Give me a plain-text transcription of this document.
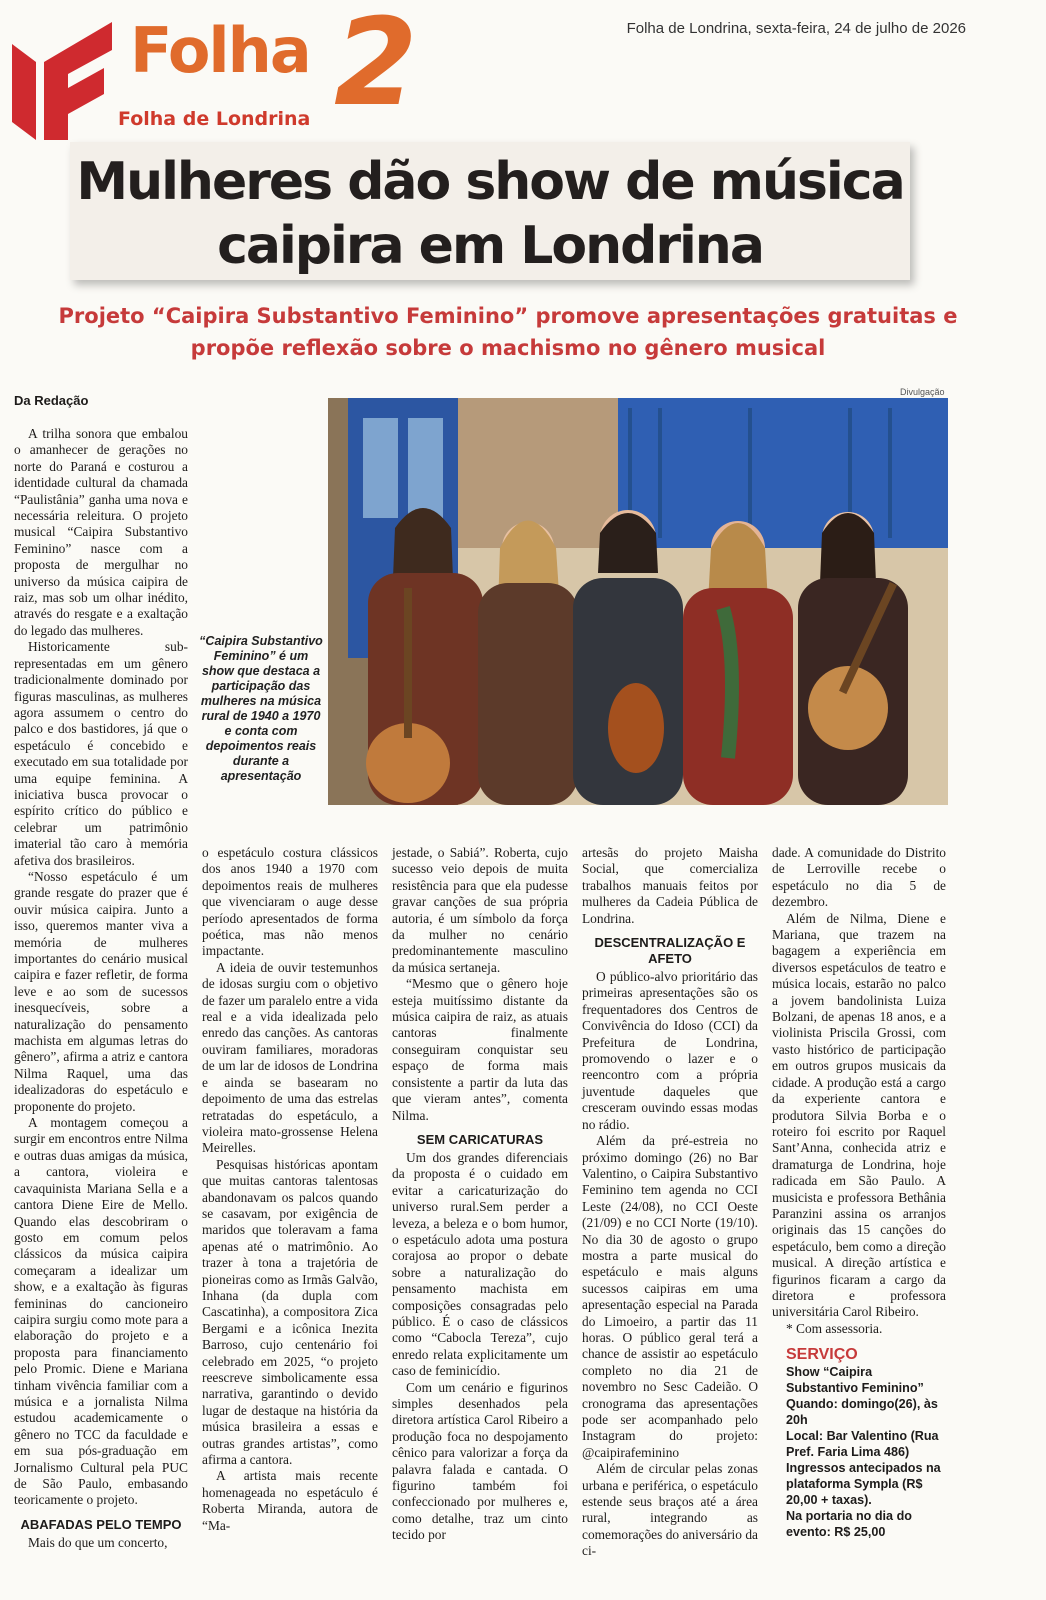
Folha 2
Folha de Londrina
Folha de Londrina, sexta-feira, 24 de julho de 2026
Mulheres dão show de música
caipira em Londrina
Projeto “Caipira Substantivo Feminino” promove apresentações gratuitas e
propõe reflexão sobre o machismo no gênero musical
Da Redação
Divulgação
“Caipira Substantivo Feminino” é um show que destaca a participação das mulheres na música rural de 1940 a 1970 e conta com depoimentos reais durante a apresentação

A trilha sonora que embalou o amanhecer de gerações no norte do Paraná e costurou a identidade cultural da chamada “Paulistânia” ganha uma nova e necessária releitura. O projeto musical “Caipira Substantivo Feminino” nasce com a proposta de mergulhar no universo da música caipira de raiz, mas sob um olhar inédito, através do resgate e a exaltação do legado das mulheres.

Historicamente sub-representadas em um gênero tradicionalmente dominado por figuras masculinas, as mulheres agora assumem o centro do palco e dos bastidores, já que o espetáculo é concebido e executado em sua totalidade por uma equipe feminina. A iniciativa busca provocar o espírito crítico do público e celebrar um patrimônio imaterial tão caro à memória afetiva dos brasileiros.

“Nosso espetáculo é um grande resgate do prazer que é ouvir música caipira. Junto a isso, queremos manter viva a memória de mulheres importantes do cenário musical caipira e fazer refletir, de forma leve e ao som de sucessos inesquecíveis, sobre a naturalização do pensamento machista em algumas letras do gênero”, afirma a atriz e cantora Nilma Raquel, uma das idealizadoras do espetáculo e proponente do projeto.

A montagem começou a surgir em encontros entre Nilma e outras duas amigas da música, a cantora, violeira e cavaquinista Mariana Sella e a cantora Diene Eire de Mello. Quando elas descobriram o gosto em comum pelos clássicos da música caipira começaram a idealizar um show, e a exaltação às figuras femininas do cancioneiro caipira surgiu como mote para a elaboração do projeto e a proposta para financiamento pelo Promic. Diene e Mariana tinham vivência familiar com a música e a jornalista Nilma estudou academicamente o gênero no TCC da faculdade e em sua pós-graduação em Jornalismo Cultural pela PUC de São Paulo, embasando teoricamente o projeto.

ABAFADAS PELO TEMPO

Mais do que um concerto,

o espetáculo costura clássicos dos anos 1940 a 1970 com depoimentos reais de mulheres que vivenciaram o auge desse período apresentados de forma poética, mas não menos impactante.

A ideia de ouvir testemunhos de idosas surgiu com o objetivo de fazer um paralelo entre a vida real e a vida idealizada pelo enredo das canções. As cantoras ouviram familiares, moradoras de um lar de idosos de Londrina e ainda se basearam no depoimento de uma das estrelas retratadas do espetáculo, a violeira mato-grossense Helena Meirelles.

Pesquisas históricas apontam que muitas cantoras talentosas abandonavam os palcos quando se casavam, por exigência de maridos que toleravam a fama apenas até o matrimônio. Ao trazer à tona a trajetória de pioneiras como as Irmãs Galvão, Inhana (da dupla com Cascatinha), a compositora Zica Bergami e a icônica Inezita Barroso, cujo centenário foi celebrado em 2025, “o projeto reescreve simbolicamente essa narrativa, garantindo o devido lugar de destaque na história da música brasileira a essas e outras grandes artistas”, como afirma a cantora.

A artista mais recente homenageada no espetáculo é Roberta Miranda, autora de “Ma-

jestade, o Sabiá”. Roberta, cujo sucesso veio depois de muita resistência para que ela pudesse gravar canções de sua própria autoria, é um símbolo da força da mulher no cenário predominantemente masculino da música sertaneja.

“Mesmo que o gênero hoje esteja muitíssimo distante da música caipira de raiz, as atuais cantoras finalmente conseguiram conquistar seu espaço de forma mais consistente a partir da luta das que vieram antes”, comenta Nilma.

SEM CARICATURAS

Um dos grandes diferenciais da proposta é o cuidado em evitar a caricaturização do universo rural.Sem perder a leveza, a beleza e o bom humor, o espetáculo adota uma postura corajosa ao propor o debate sobre a naturalização do pensamento machista em composições consagradas pelo público. É o caso de clássicos como “Cabocla Tereza”, cujo enredo relata explicitamente um caso de feminicídio.

Com um cenário e figurinos simples desenhados pela diretora artística Carol Ribeiro a produção foca no despojamento cênico para valorizar a força da palavra falada e cantada. O figurino também foi confeccionado por mulheres e, como detalhe, traz um cinto tecido por

artesãs do projeto Maisha Social, que comercializa trabalhos manuais feitos por mulheres da Cadeia Pública de Londrina.

DESCENTRALIZAÇÃO E AFETO

O público-alvo prioritário das primeiras apresentações são os frequentadores dos Centros de Convivência do Idoso (CCI) da Prefeitura de Londrina, promovendo o lazer e o reencontro com a própria juventude daqueles que cresceram ouvindo essas modas no rádio.

Além da pré-estreia no próximo domingo (26) no Bar Valentino, o Caipira Substantivo Feminino tem agenda no CCI Leste (24/08), no CCI Oeste (21/09) e no CCI Norte (19/10). No dia 30 de agosto o grupo mostra a parte musical do espetáculo e mais alguns sucessos caipiras em uma apresentação especial na Parada do Limoeiro, a partir das 11 horas. O público geral terá a chance de assistir ao espetáculo completo no dia 21 de novembro no Sesc Cadeião. O cronograma das apresentações pode ser acompanhado pelo Instagram do projeto: @caipirafeminino

Além de circular pelas zonas urbana e periférica, o espetáculo estende seus braços até a área rural, integrando as comemorações do aniversário da ci-

dade. A comunidade do Distrito de Lerroville recebe o espetáculo no dia 5 de dezembro.

Além de Nilma, Diene e Mariana, que trazem na bagagem a experiência em diversos espetáculos de teatro e música locais, estarão no palco a jovem bandolinista Luiza Bolzani, de apenas 18 anos, e a violinista Priscila Grossi, com vasto histórico de participação em outros grupos musicais da cidade. A produção está a cargo da experiente cantora e produtora Silvia Borba e o roteiro foi escrito por Raquel Sant’Anna, conhecida atriz e dramaturga de Londrina, hoje radicada em São Paulo. A musicista e professora Bethânia Paranzini assina os arranjos originais das 15 canções do espetáculo, bem como a direção musical. A direção artística e figurinos ficaram a cargo da diretora e professora universitária Carol Ribeiro.

* Com assessoria.

SERVIÇO
Show “Caipira Substantivo Feminino”
Quando: domingo(26), às 20h
Local: Bar Valentino (Rua Pref. Faria Lima 486)
Ingressos antecipados na plataforma Sympla (R$ 20,00 + taxas).
Na portaria no dia do evento: R$ 25,00
